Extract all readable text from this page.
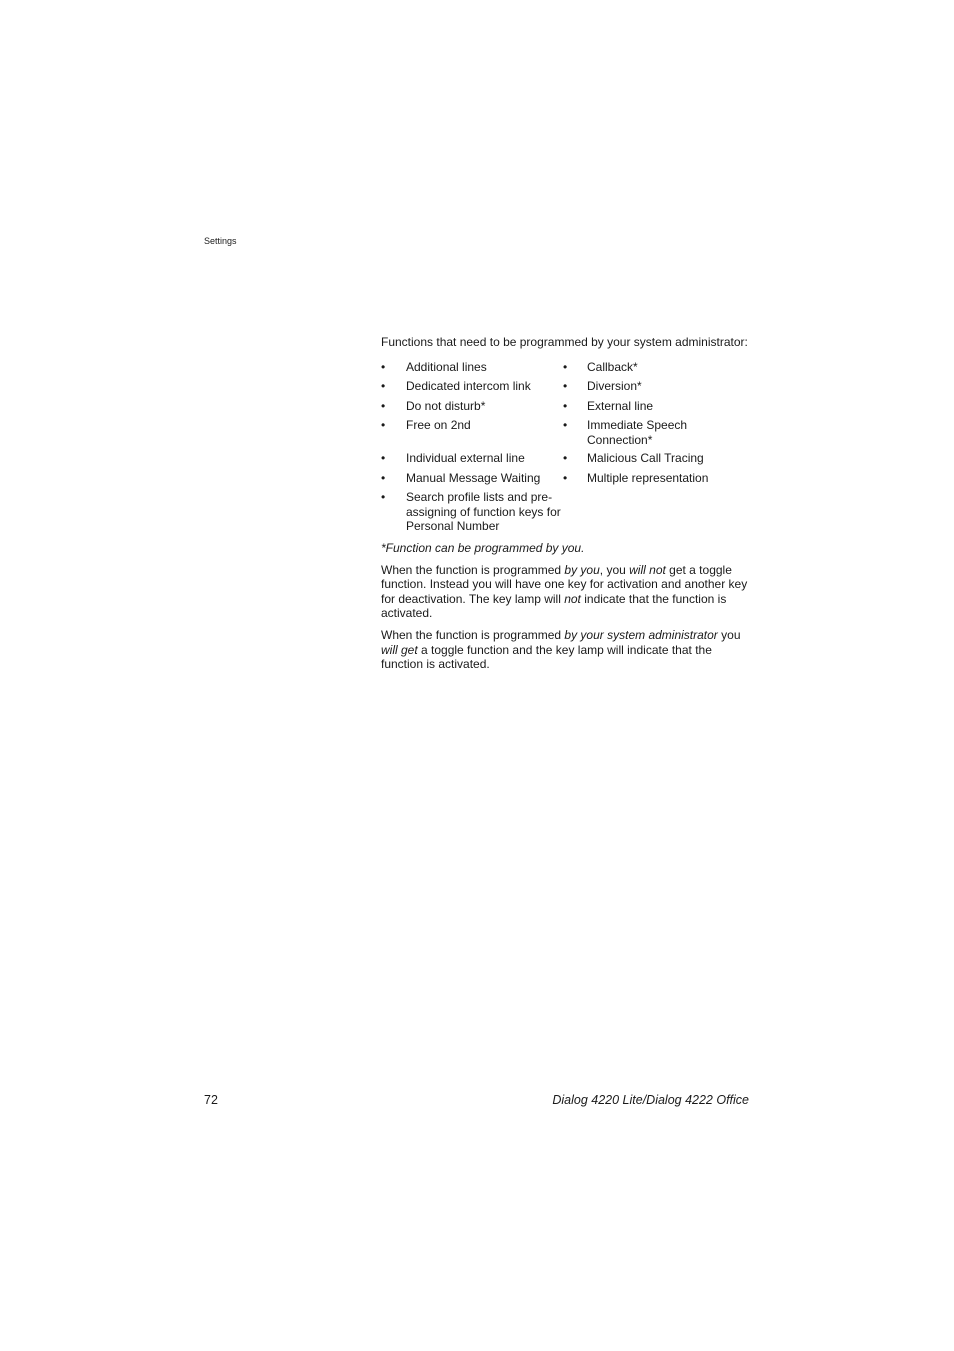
Settings

Functions that need to be programmed by your system administrator:

•	Additional lines	•	Callback*
•	Dedicated intercom link	•	Diversion*
•	Do not disturb*	•	External line
•	Free on 2nd	•	Immediate Speech Connection*
•	Individual external line	•	Malicious Call Tracing
•	Manual Message Waiting	•	Multiple representation
•	Search profile lists and pre-assigning of function keys for Personal Number

*Function can be programmed by you.

When the function is programmed by you, you will not get a toggle function. Instead you will have one key for activation and another key for deactivation. The key lamp will not indicate that the function is activated.

When the function is programmed by your system administrator you will get a toggle function and the key lamp will indicate that the function is activated.

72	Dialog 4220 Lite/Dialog 4222 Office
